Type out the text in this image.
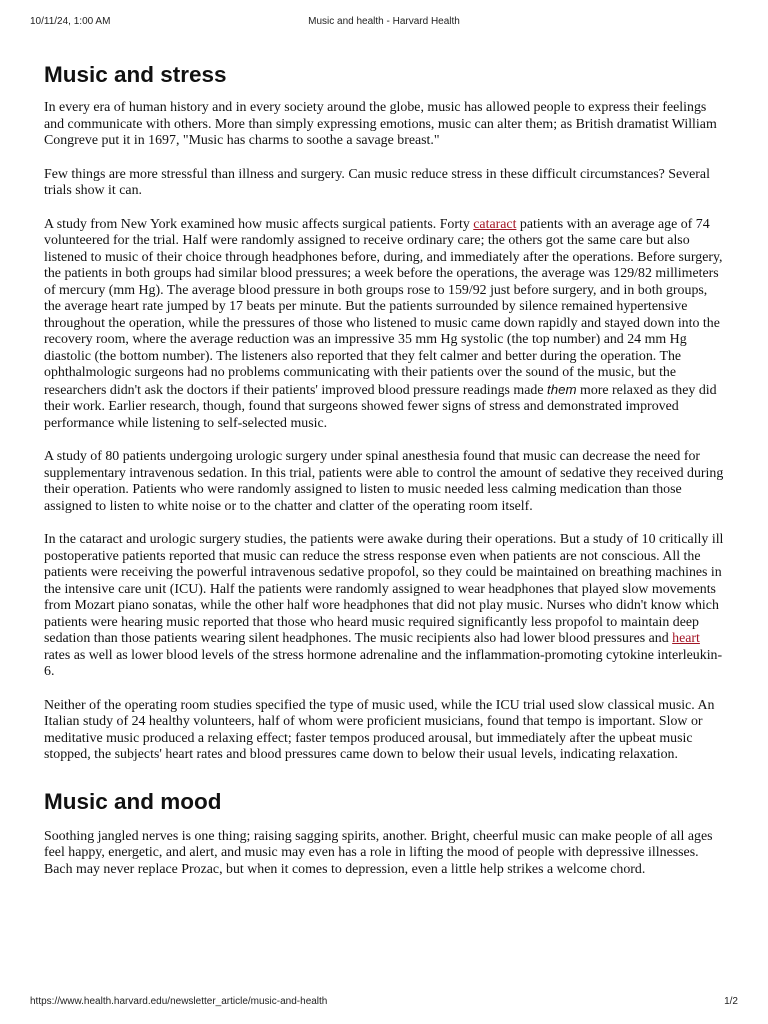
10/11/24, 1:00 AM	Music and health - Harvard Health
Music and stress

In every era of human history and in every society around the globe, music has allowed people to express their feelings and communicate with others. More than simply expressing emotions, music can alter them; as British dramatist William Congreve put it in 1697, "Music has charms to soothe a savage breast."

Few things are more stressful than illness and surgery. Can music reduce stress in these difficult circumstances? Several trials show it can.

A study from New York examined how music affects surgical patients. Forty cataract patients with an average age of 74 volunteered for the trial. Half were randomly assigned to receive ordinary care; the others got the same care but also listened to music of their choice through headphones before, during, and immediately after the operations. Before surgery, the patients in both groups had similar blood pressures; a week before the operations, the average was 129/82 millimeters of mercury (mm Hg). The average blood pressure in both groups rose to 159/92 just before surgery, and in both groups, the average heart rate jumped by 17 beats per minute. But the patients surrounded by silence remained hypertensive throughout the operation, while the pressures of those who listened to music came down rapidly and stayed down into the recovery room, where the average reduction was an impressive 35 mm Hg systolic (the top number) and 24 mm Hg diastolic (the bottom number). The listeners also reported that they felt calmer and better during the operation. The ophthalmologic surgeons had no problems communicating with their patients over the sound of the music, but the researchers didn't ask the doctors if their patients' improved blood pressure readings made them more relaxed as they did their work. Earlier research, though, found that surgeons showed fewer signs of stress and demonstrated improved performance while listening to self-selected music.

A study of 80 patients undergoing urologic surgery under spinal anesthesia found that music can decrease the need for supplementary intravenous sedation. In this trial, patients were able to control the amount of sedative they received during their operation. Patients who were randomly assigned to listen to music needed less calming medication than those assigned to listen to white noise or to the chatter and clatter of the operating room itself.

In the cataract and urologic surgery studies, the patients were awake during their operations. But a study of 10 critically ill postoperative patients reported that music can reduce the stress response even when patients are not conscious. All the patients were receiving the powerful intravenous sedative propofol, so they could be maintained on breathing machines in the intensive care unit (ICU). Half the patients were randomly assigned to wear headphones that played slow movements from Mozart piano sonatas, while the other half wore headphones that did not play music. Nurses who didn't know which patients were hearing music reported that those who heard music required significantly less propofol to maintain deep sedation than those patients wearing silent headphones. The music recipients also had lower blood pressures and heart rates as well as lower blood levels of the stress hormone adrenaline and the inflammation-promoting cytokine interleukin-6.

Neither of the operating room studies specified the type of music used, while the ICU trial used slow classical music. An Italian study of 24 healthy volunteers, half of whom were proficient musicians, found that tempo is important. Slow or meditative music produced a relaxing effect; faster tempos produced arousal, but immediately after the upbeat music stopped, the subjects' heart rates and blood pressures came down to below their usual levels, indicating relaxation.

Music and mood

Soothing jangled nerves is one thing; raising sagging spirits, another. Bright, cheerful music can make people of all ages feel happy, energetic, and alert, and music may even has a role in lifting the mood of people with depressive illnesses. Bach may never replace Prozac, but when it comes to depression, even a little help strikes a welcome chord.

https://www.health.harvard.edu/newsletter_article/music-and-health	1/2
